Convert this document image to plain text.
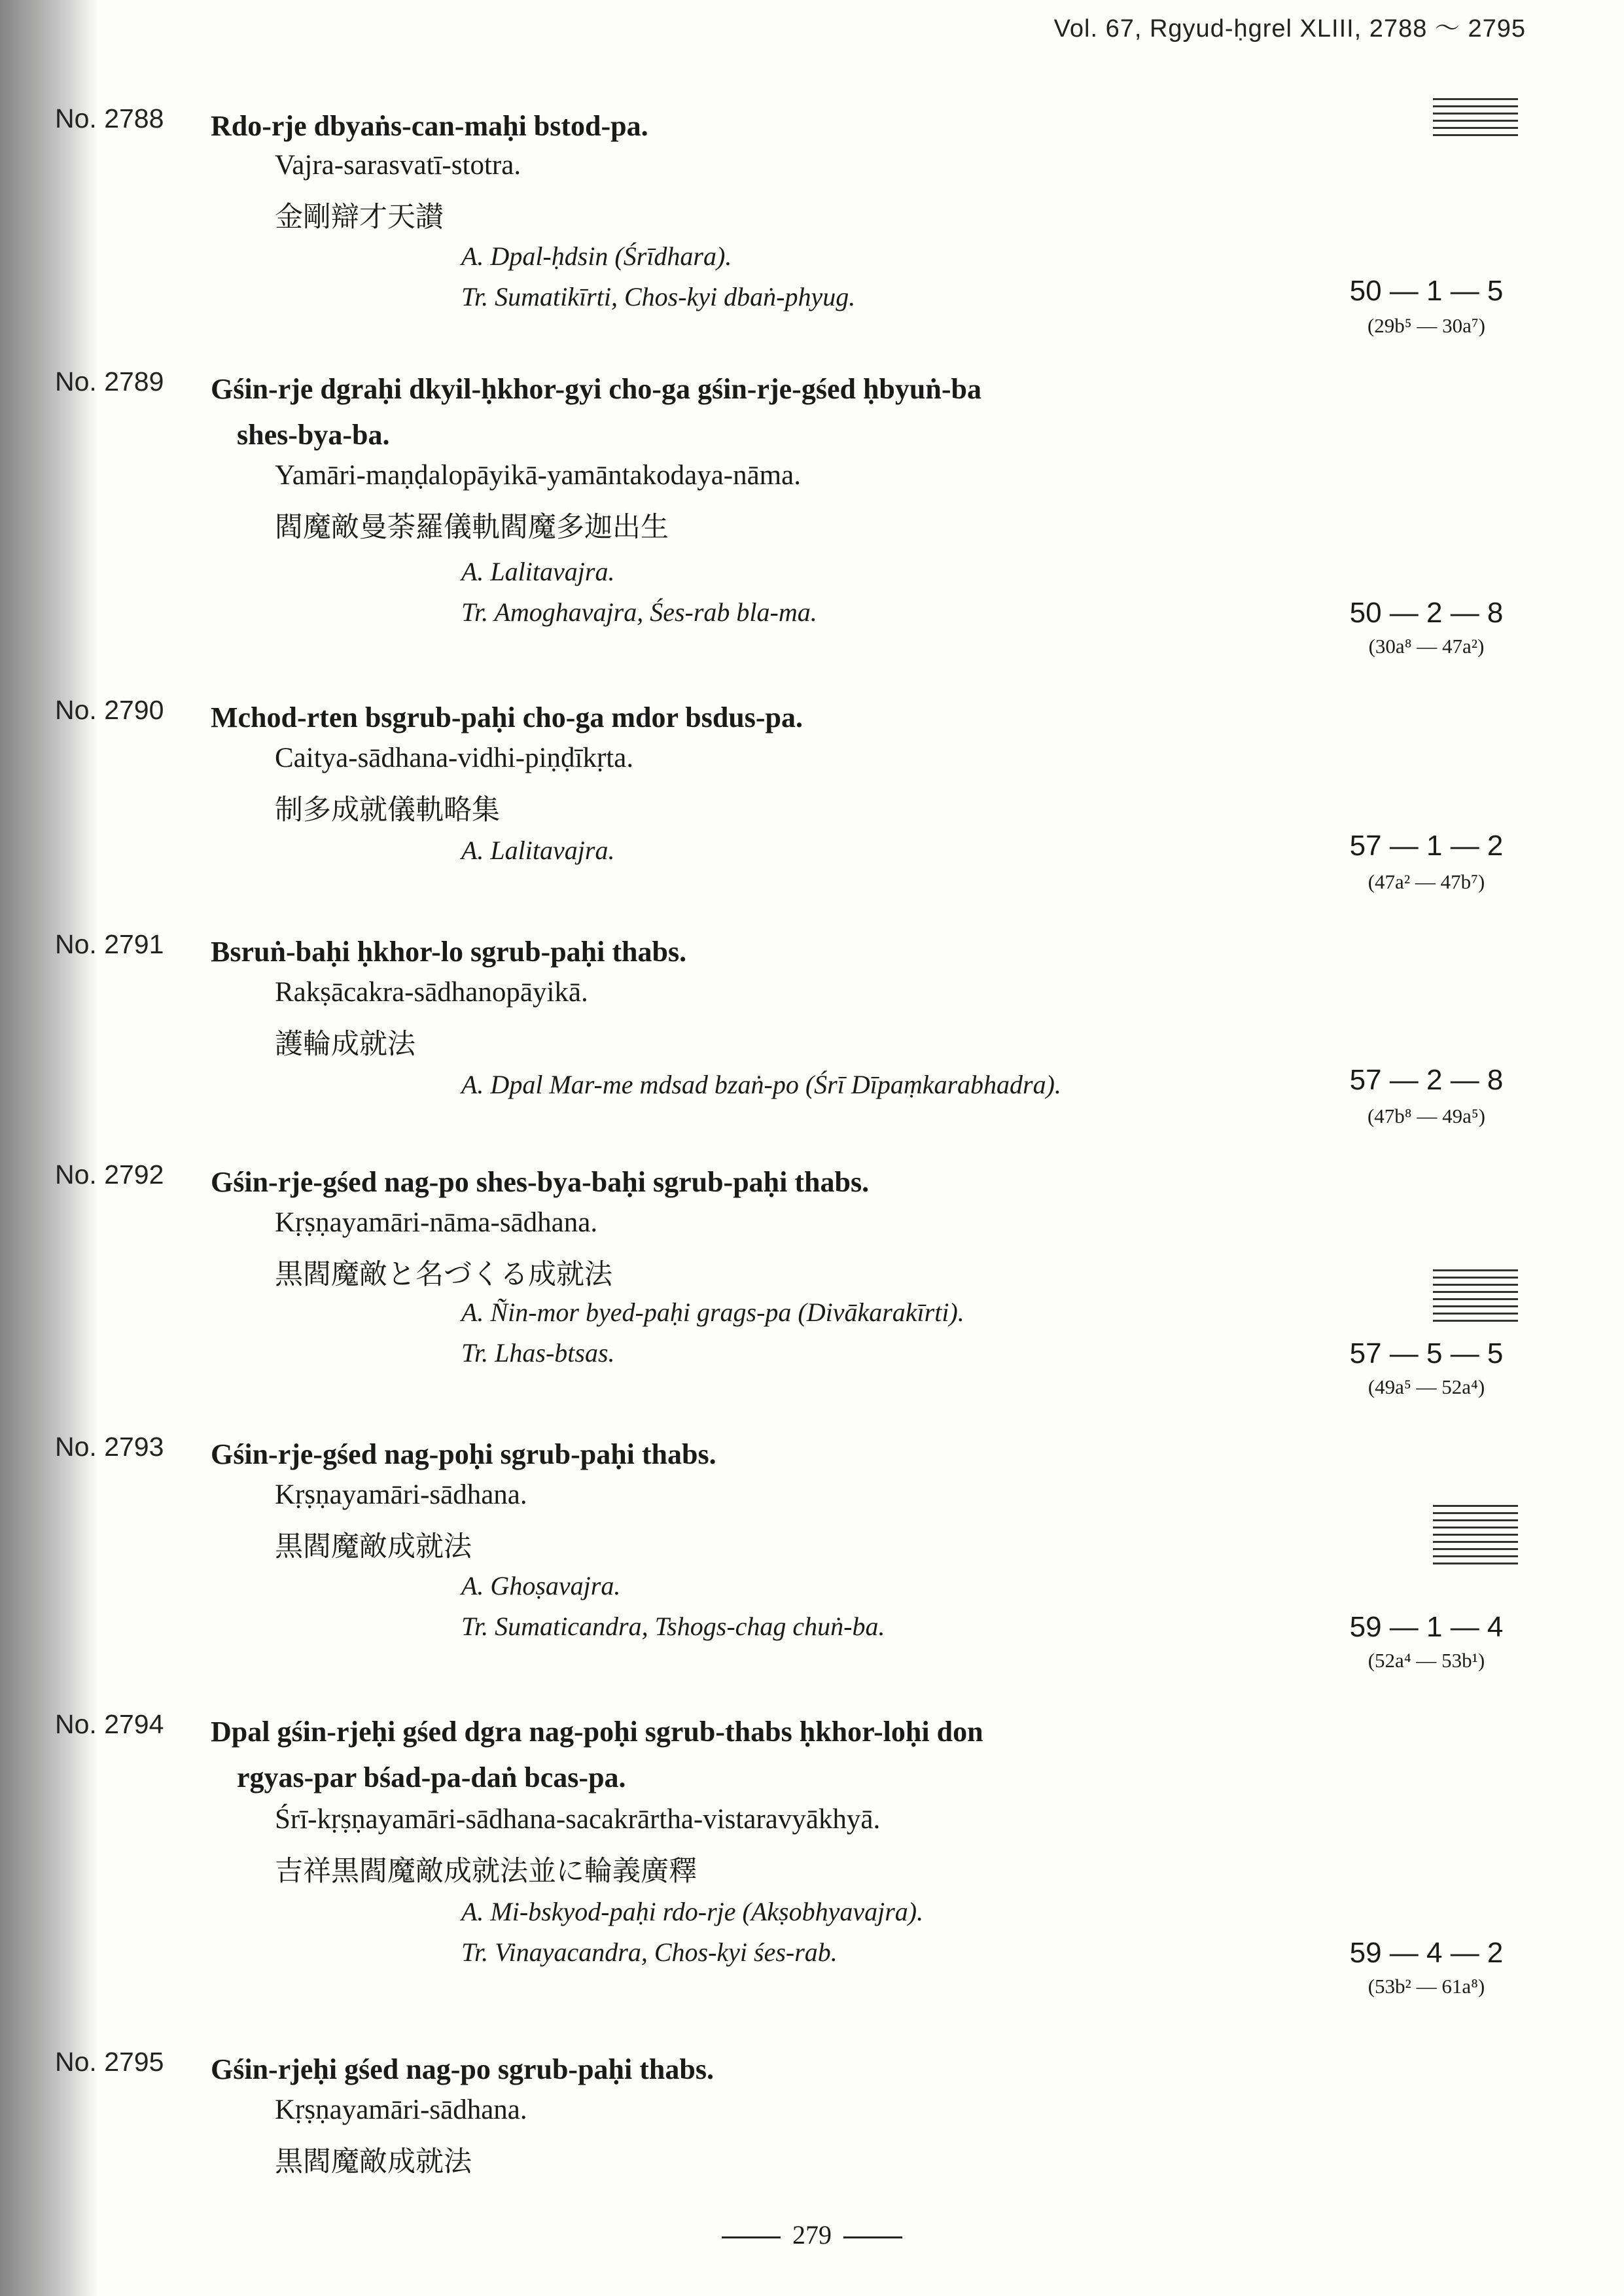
Vol. 67, Rgyud-ḥgrel XLIII, 2788 ～ 2795
No. 2788 Rdo-rje dbyaṅs-can-maḥi bstod-pa.
Vajra-sarasvatī-stotra.
金剛辯才天讃
A. Dpal-ḥdsin (Śrīdhara).
Tr. Sumatikīrti, Chos-kyi dbaṅ-phyug.	50 — 1 — 5
(29b⁵ — 30a⁷)
No. 2789 Gśin-rje dgraḥi dkyil-ḥkhor-gyi cho-ga gśin-rje-gśed ḥbyuṅ-ba
shes-bya-ba.
Yamāri-maṇḍalopāyikā-yamāntakodaya-nāma.
閻魔敵曼荼羅儀軌閻魔多迦出生
A. Lalitavajra.
Tr. Amoghavajra, Śes-rab bla-ma.	50 — 2 — 8
(30a⁸ — 47a²)
No. 2790 Mchod-rten bsgrub-paḥi cho-ga mdor bsdus-pa.
Caitya-sādhana-vidhi-piṇḍīkṛta.
制多成就儀軌略集
A. Lalitavajra.	57 — 1 — 2
(47a² — 47b⁷)
No. 2791 Bsruṅ-baḥi ḥkhor-lo sgrub-paḥi thabs.
Rakṣācakra-sādhanopāyikā.
護輪成就法
A. Dpal Mar-me mdsad bzaṅ-po (Śrī Dīpaṃkarabhadra).	57 — 2 — 8
(47b⁸ — 49a⁵)
No. 2792 Gśin-rje-gśed nag-po shes-bya-baḥi sgrub-paḥi thabs.
Kṛṣṇayamāri-nāma-sādhana.
黒閻魔敵と名づくる成就法
A. Ñin-mor byed-paḥi grags-pa (Divākarakīrti).
Tr. Lhas-btsas.	57 — 5 — 5
(49a⁵ — 52a⁴)
No. 2793 Gśin-rje-gśed nag-poḥi sgrub-paḥi thabs.
Kṛṣṇayamāri-sādhana.
黒閻魔敵成就法
A. Ghoṣavajra.
Tr. Sumaticandra, Tshogs-chag chuṅ-ba.	59 — 1 — 4
(52a⁴ — 53b¹)
No. 2794 Dpal gśin-rjeḥi gśed dgra nag-poḥi sgrub-thabs ḥkhor-loḥi don
rgyas-par bśad-pa-daṅ bcas-pa.
Śrī-kṛṣṇayamāri-sādhana-sacakrārtha-vistaravyākhyā.
吉祥黒閻魔敵成就法並に輪義廣釋
A. Mi-bskyod-paḥi rdo-rje (Akṣobhyavajra).
Tr. Vinayacandra, Chos-kyi śes-rab.	59 — 4 — 2
(53b² — 61a⁸)
No. 2795 Gśin-rjeḥi gśed nag-po sgrub-paḥi thabs.
Kṛṣṇayamāri-sādhana.
黒閻魔敵成就法
279
